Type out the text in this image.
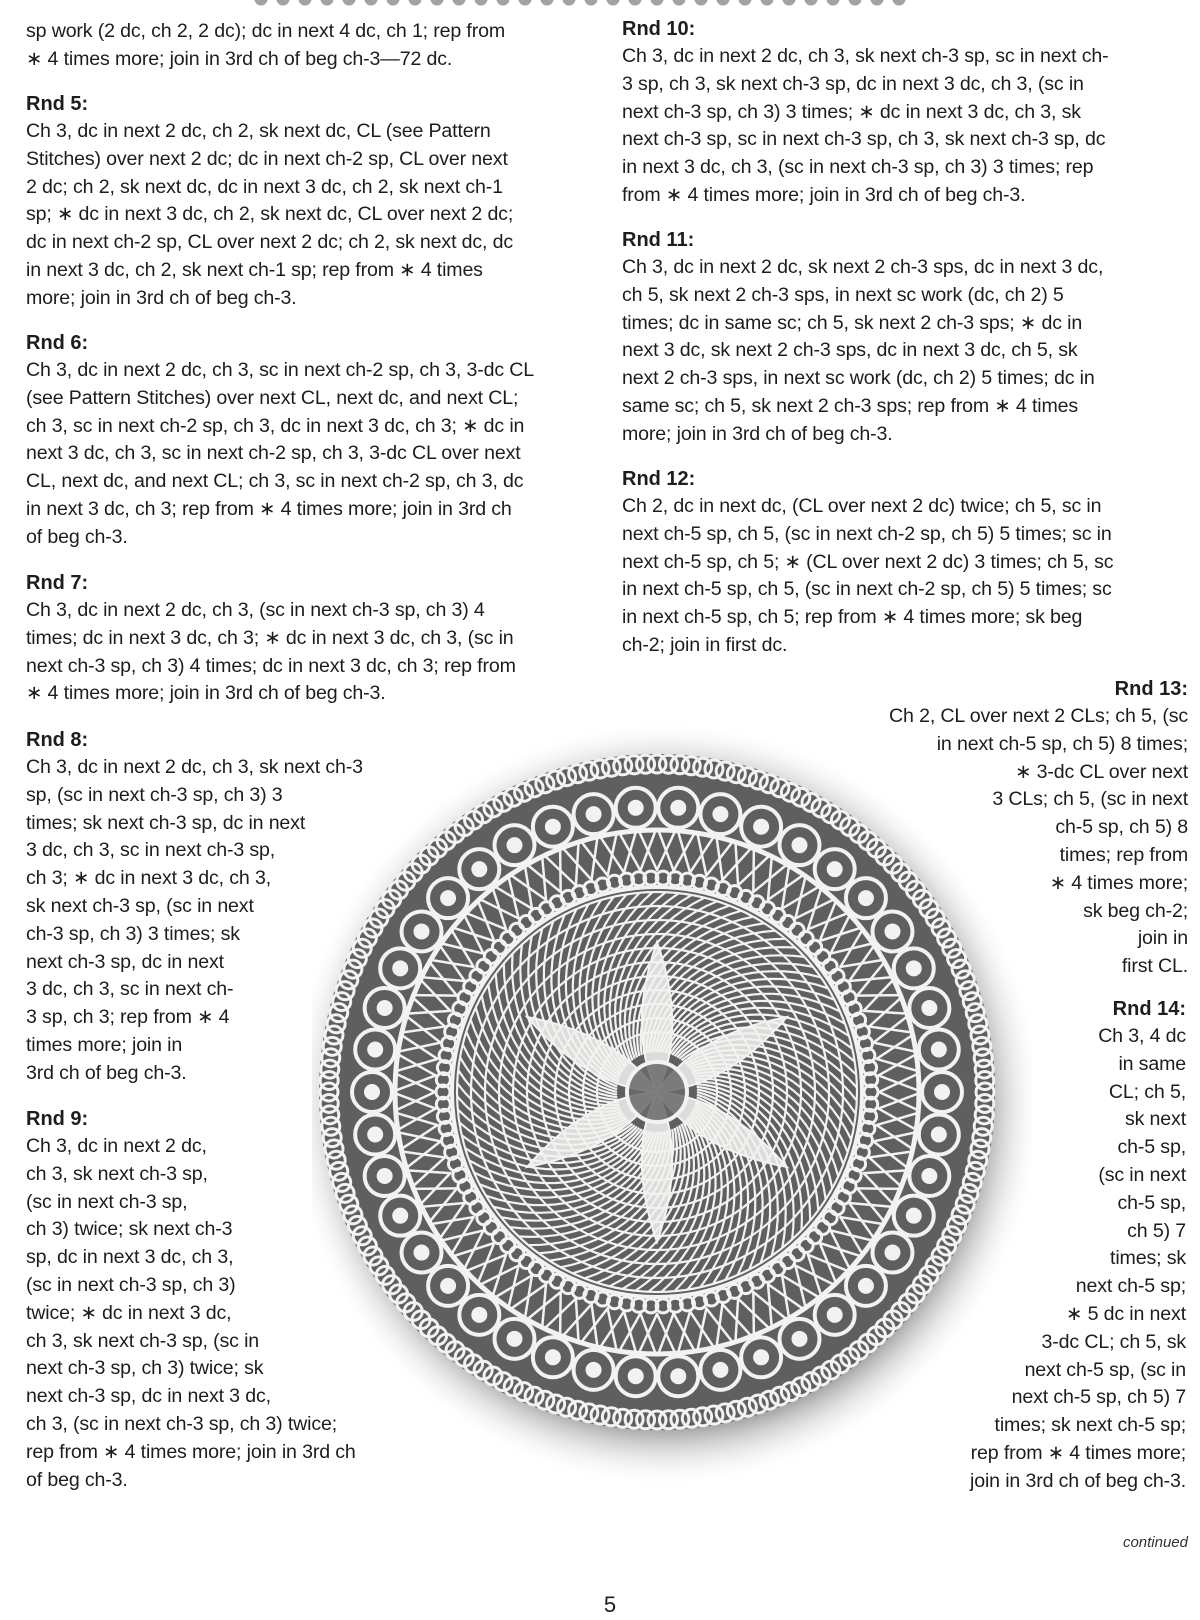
sp work (2 dc, ch 2, 2 dc); dc in next 4 dc, ch 1; rep from
∗ 4 times more; join in 3rd ch of beg ch-3—72 dc.
Rnd 5:

Ch 3, dc in next 2 dc, ch 2, sk next dc, CL (see Pattern
Stitches) over next 2 dc; dc in next ch-2 sp, CL over next
2 dc; ch 2, sk next dc, dc in next 3 dc, ch 2, sk next ch-1
sp; ∗ dc in next 3 dc, ch 2, sk next dc, CL over next 2 dc;
dc in next ch-2 sp, CL over next 2 dc; ch 2, sk next dc, dc
in next 3 dc, ch 2, sk next ch-1 sp; rep from ∗ 4 times
more; join in 3rd ch of beg ch-3.

Rnd 6:

Ch 3, dc in next 2 dc, ch 3, sc in next ch-2 sp, ch 3, 3-dc CL
(see Pattern Stitches) over next CL, next dc, and next CL;
ch 3, sc in next ch-2 sp, ch 3, dc in next 3 dc, ch 3; ∗ dc in
next 3 dc, ch 3, sc in next ch-2 sp, ch 3, 3-dc CL over next
CL, next dc, and next CL; ch 3, sc in next ch-2 sp, ch 3, dc
in next 3 dc, ch 3; rep from ∗ 4 times more; join in 3rd ch
of beg ch-3.

Rnd 7:

Ch 3, dc in next 2 dc, ch 3, (sc in next ch-3 sp, ch 3) 4
times; dc in next 3 dc, ch 3; ∗ dc in next 3 dc, ch 3, (sc in
next ch-3 sp, ch 3) 4 times; dc in next 3 dc, ch 3; rep from
∗ 4 times more; join in 3rd ch of beg ch-3.

Rnd 8:

Ch 3, dc in next 2 dc, ch 3, sk next ch-3
sp, (sc in next ch-3 sp, ch 3) 3
times; sk next ch-3 sp, dc in next
3 dc, ch 3, sc in next ch-3 sp,
ch 3; ∗ dc in next 3 dc, ch 3,
sk next ch-3 sp, (sc in next
ch-3 sp, ch 3) 3 times; sk
next ch-3 sp, dc in next
3 dc, ch 3, sc in next ch-
3 sp, ch 3; rep from ∗ 4
times more; join in
3rd ch of beg ch-3.

Rnd 9:

Ch 3, dc in next 2 dc,
ch 3, sk next ch-3 sp,
(sc in next ch-3 sp,
ch 3) twice; sk next ch-3
sp, dc in next 3 dc, ch 3,
(sc in next ch-3 sp, ch 3)
twice; ∗ dc in next 3 dc,
ch 3, sk next ch-3 sp, (sc in
next ch-3 sp, ch 3) twice; sk
next ch-3 sp, dc in next 3 dc,
ch 3, (sc in next ch-3 sp, ch 3) twice;
rep from ∗ 4 times more; join in 3rd ch
of beg ch-3.

Rnd 10:

Ch 3, dc in next 2 dc, ch 3, sk next ch-3 sp, sc in next ch-
3 sp, ch 3, sk next ch-3 sp, dc in next 3 dc, ch 3, (sc in
next ch-3 sp, ch 3) 3 times; ∗ dc in next 3 dc, ch 3, sk
next ch-3 sp, sc in next ch-3 sp, ch 3, sk next ch-3 sp, dc
in next 3 dc, ch 3, (sc in next ch-3 sp, ch 3) 3 times; rep
from ∗ 4 times more; join in 3rd ch of beg ch-3.

Rnd 11:

Ch 3, dc in next 2 dc, sk next 2 ch-3 sps, dc in next 3 dc,
ch 5, sk next 2 ch-3 sps, in next sc work (dc, ch 2) 5
times; dc in same sc; ch 5, sk next 2 ch-3 sps; ∗ dc in
next 3 dc, sk next 2 ch-3 sps, dc in next 3 dc, ch 5, sk
next 2 ch-3 sps, in next sc work (dc, ch 2) 5 times; dc in
same sc; ch 5, sk next 2 ch-3 sps; rep from ∗ 4 times
more; join in 3rd ch of beg ch-3.

Rnd 12:

Ch 2, dc in next dc, (CL over next 2 dc) twice; ch 5, sc in
next ch-5 sp, ch 5, (sc in next ch-2 sp, ch 5) 5 times; sc in
next ch-5 sp, ch 5; ∗ (CL over next 2 dc) 3 times; ch 5, sc
in next ch-5 sp, ch 5, (sc in next ch-2 sp, ch 5) 5 times; sc
in next ch-5 sp, ch 5; rep from ∗ 4 times more; sk beg
ch-2; join in first dc.

Rnd 13:

Ch 2, CL over next 2 CLs; ch 5, (sc
in next ch-5 sp, ch 5) 8 times;
∗ 3-dc CL over next
3 CLs; ch 5, (sc in next
ch-5 sp, ch 5) 8
times; rep from
∗ 4 times more;
sk beg ch-2;
join in
first CL.

Rnd 14:

Ch 3, 4 dc
in same
CL; ch 5,
sk next
ch-5 sp,
(sc in next
ch-5 sp,
ch 5) 7
times; sk
next ch-5 sp;
∗ 5 dc in next
3-dc CL; ch 5, sk
next ch-5 sp, (sc in
next ch-5 sp, ch 5) 7
times; sk next ch-5 sp;
rep from ∗ 4 times more;
join in 3rd ch of beg ch-3.

continued
5
